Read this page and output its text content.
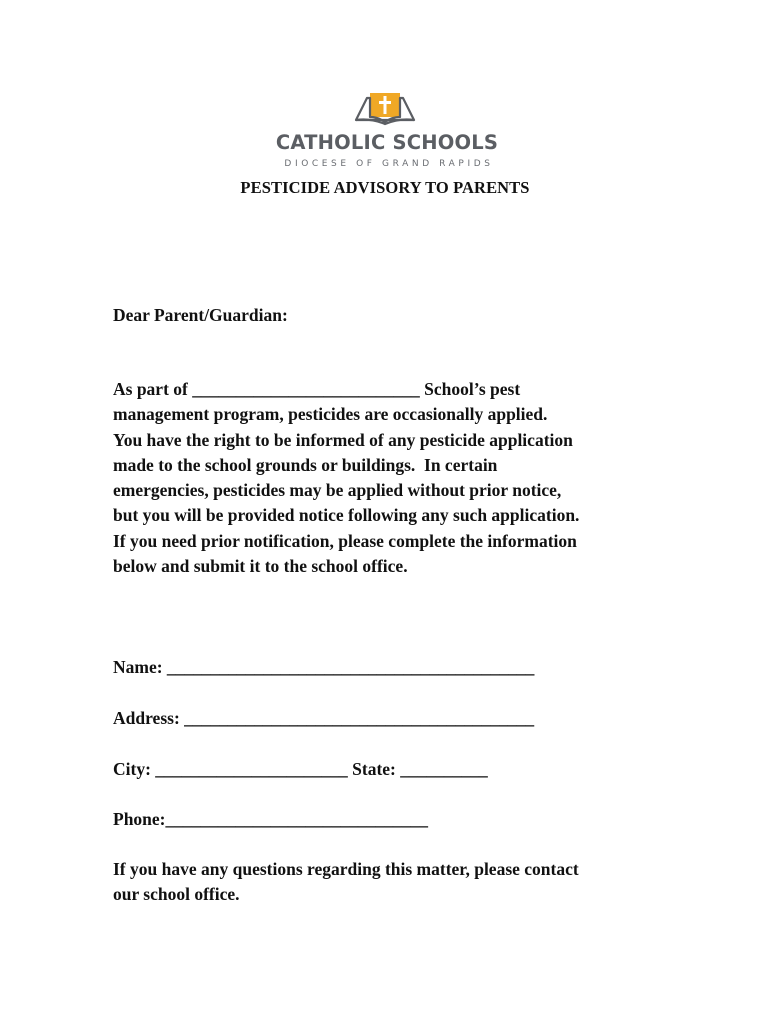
CATHOLIC SCHOOLS
DIOCESE OF GRAND RAPIDS
PESTICIDE ADVISORY TO PARENTS
Dear Parent/Guardian:
As part of __________________________ School’s pest
management program, pesticides are occasionally applied.
You have the right to be informed of any pesticide application
made to the school grounds or buildings.  In certain
emergencies, pesticides may be applied without prior notice,
but you will be provided notice following any such application.
If you need prior notification, please complete the information
below and submit it to the school office.
Name: __________________________________________
Address: ________________________________________
City: ______________________ State: __________
Phone:______________________________
If you have any questions regarding this matter, please contact
our school office.
